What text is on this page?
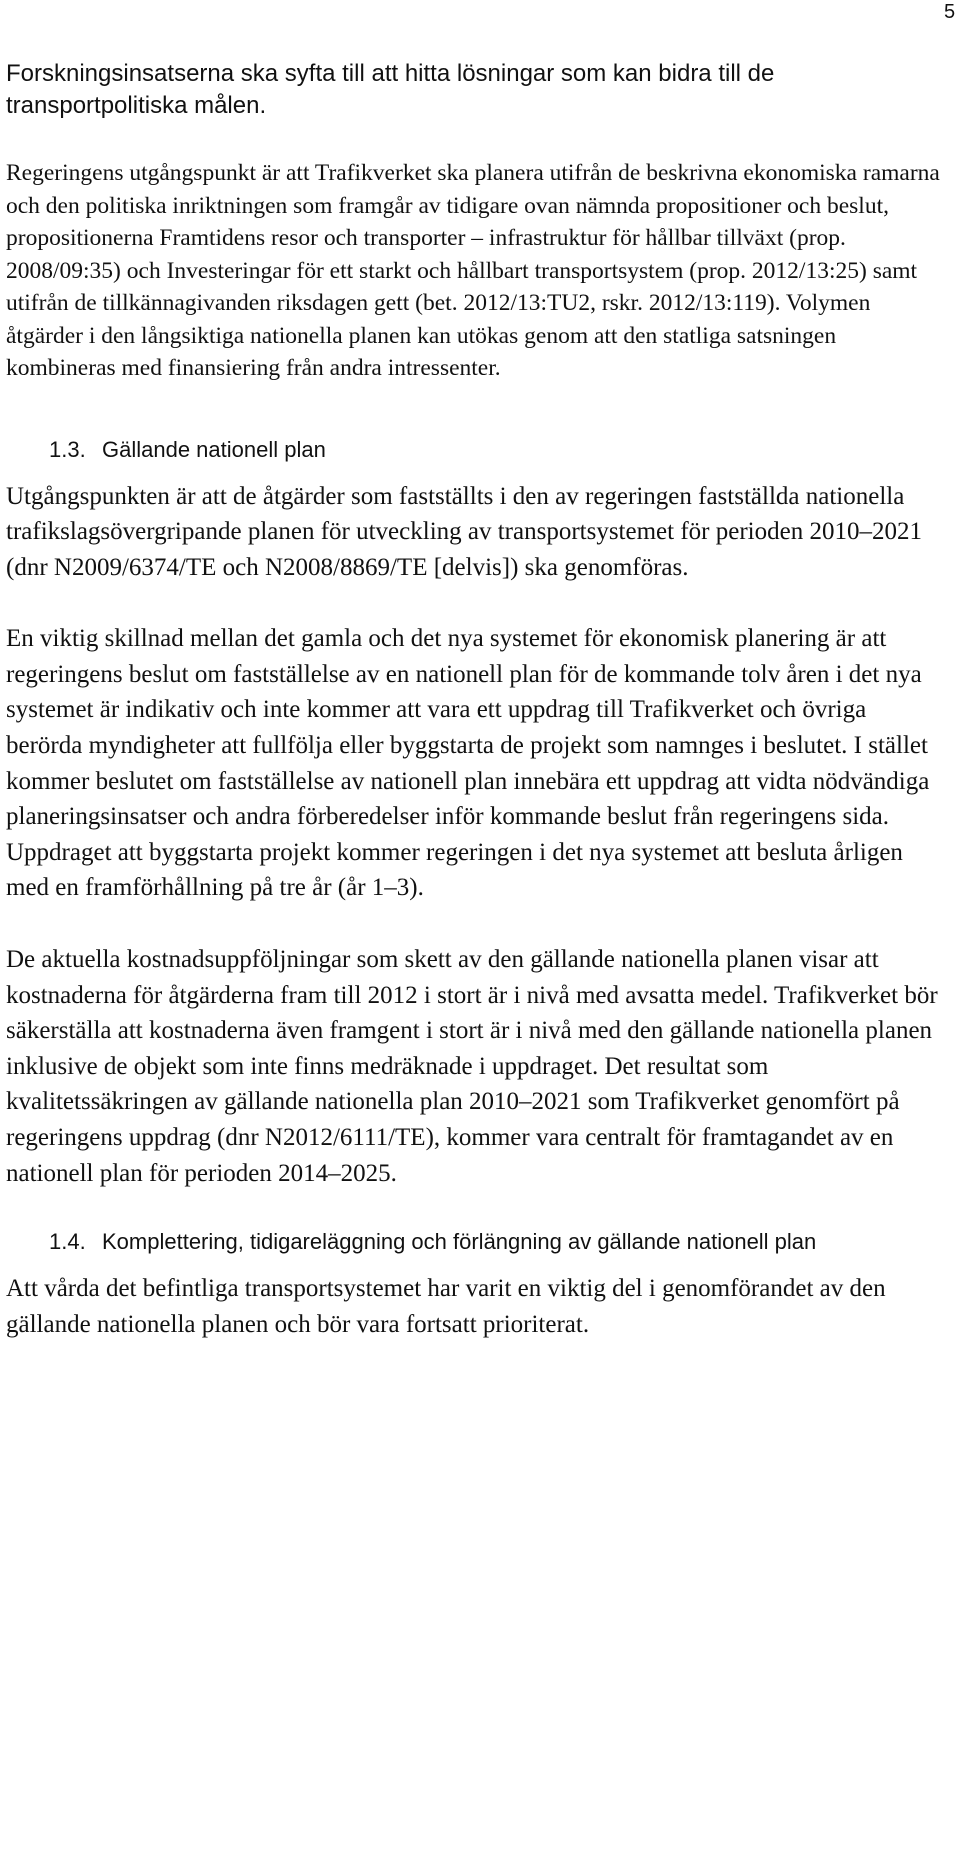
5

Forskningsinsatserna ska syfta till att hitta lösningar som kan bidra till de transportpolitiska målen.

Regeringens utgångspunkt är att Trafikverket ska planera utifrån de beskrivna ekonomiska ramarna och den politiska inriktningen som framgår av tidigare ovan nämnda propositioner och beslut, propositionerna Framtidens resor och transporter – infrastruktur för hållbar tillväxt (prop. 2008/09:35) och Investeringar för ett starkt och hållbart transportsystem (prop. 2012/13:25) samt utifrån de tillkännagivanden riksdagen gett (bet. 2012/13:TU2, rskr. 2012/13:119). Volymen åtgärder i den långsiktiga nationella planen kan utökas genom att den statliga satsningen kombineras med finansiering från andra intressenter.

1.3. Gällande nationell plan

Utgångspunkten är att de åtgärder som fastställts i den av regeringen fastställda nationella trafikslagsövergripande planen för utveckling av transportsystemet för perioden 2010–2021 (dnr N2009/6374/TE och N2008/8869/TE [delvis]) ska genomföras.

En viktig skillnad mellan det gamla och det nya systemet för ekonomisk planering är att regeringens beslut om fastställelse av en nationell plan för de kommande tolv åren i det nya systemet är indikativ och inte kommer att vara ett uppdrag till Trafikverket och övriga berörda myndigheter att fullfölja eller byggstarta de projekt som namnges i beslutet. I stället kommer beslutet om fastställelse av nationell plan innebära ett uppdrag att vidta nödvändiga planeringsinsatser och andra förberedelser inför kommande beslut från regeringens sida. Uppdraget att byggstarta projekt kommer regeringen i det nya systemet att besluta årligen med en framförhållning på tre år (år 1–3).

De aktuella kostnadsuppföljningar som skett av den gällande nationella planen visar att kostnaderna för åtgärderna fram till 2012 i stort är i nivå med avsatta medel. Trafikverket bör säkerställa att kostnaderna även framgent i stort är i nivå med den gällande nationella planen inklusive de objekt som inte finns medräknade i uppdraget. Det resultat som kvalitetssäkringen av gällande nationella plan 2010–2021 som Trafikverket genomfört på regeringens uppdrag (dnr N2012/6111/TE), kommer vara centralt för framtagandet av en nationell plan för perioden 2014–2025.

1.4. Komplettering, tidigareläggning och förlängning av gällande nationell plan

Att vårda det befintliga transportsystemet har varit en viktig del i genomförandet av den gällande nationella planen och bör vara fortsatt prioriterat.
